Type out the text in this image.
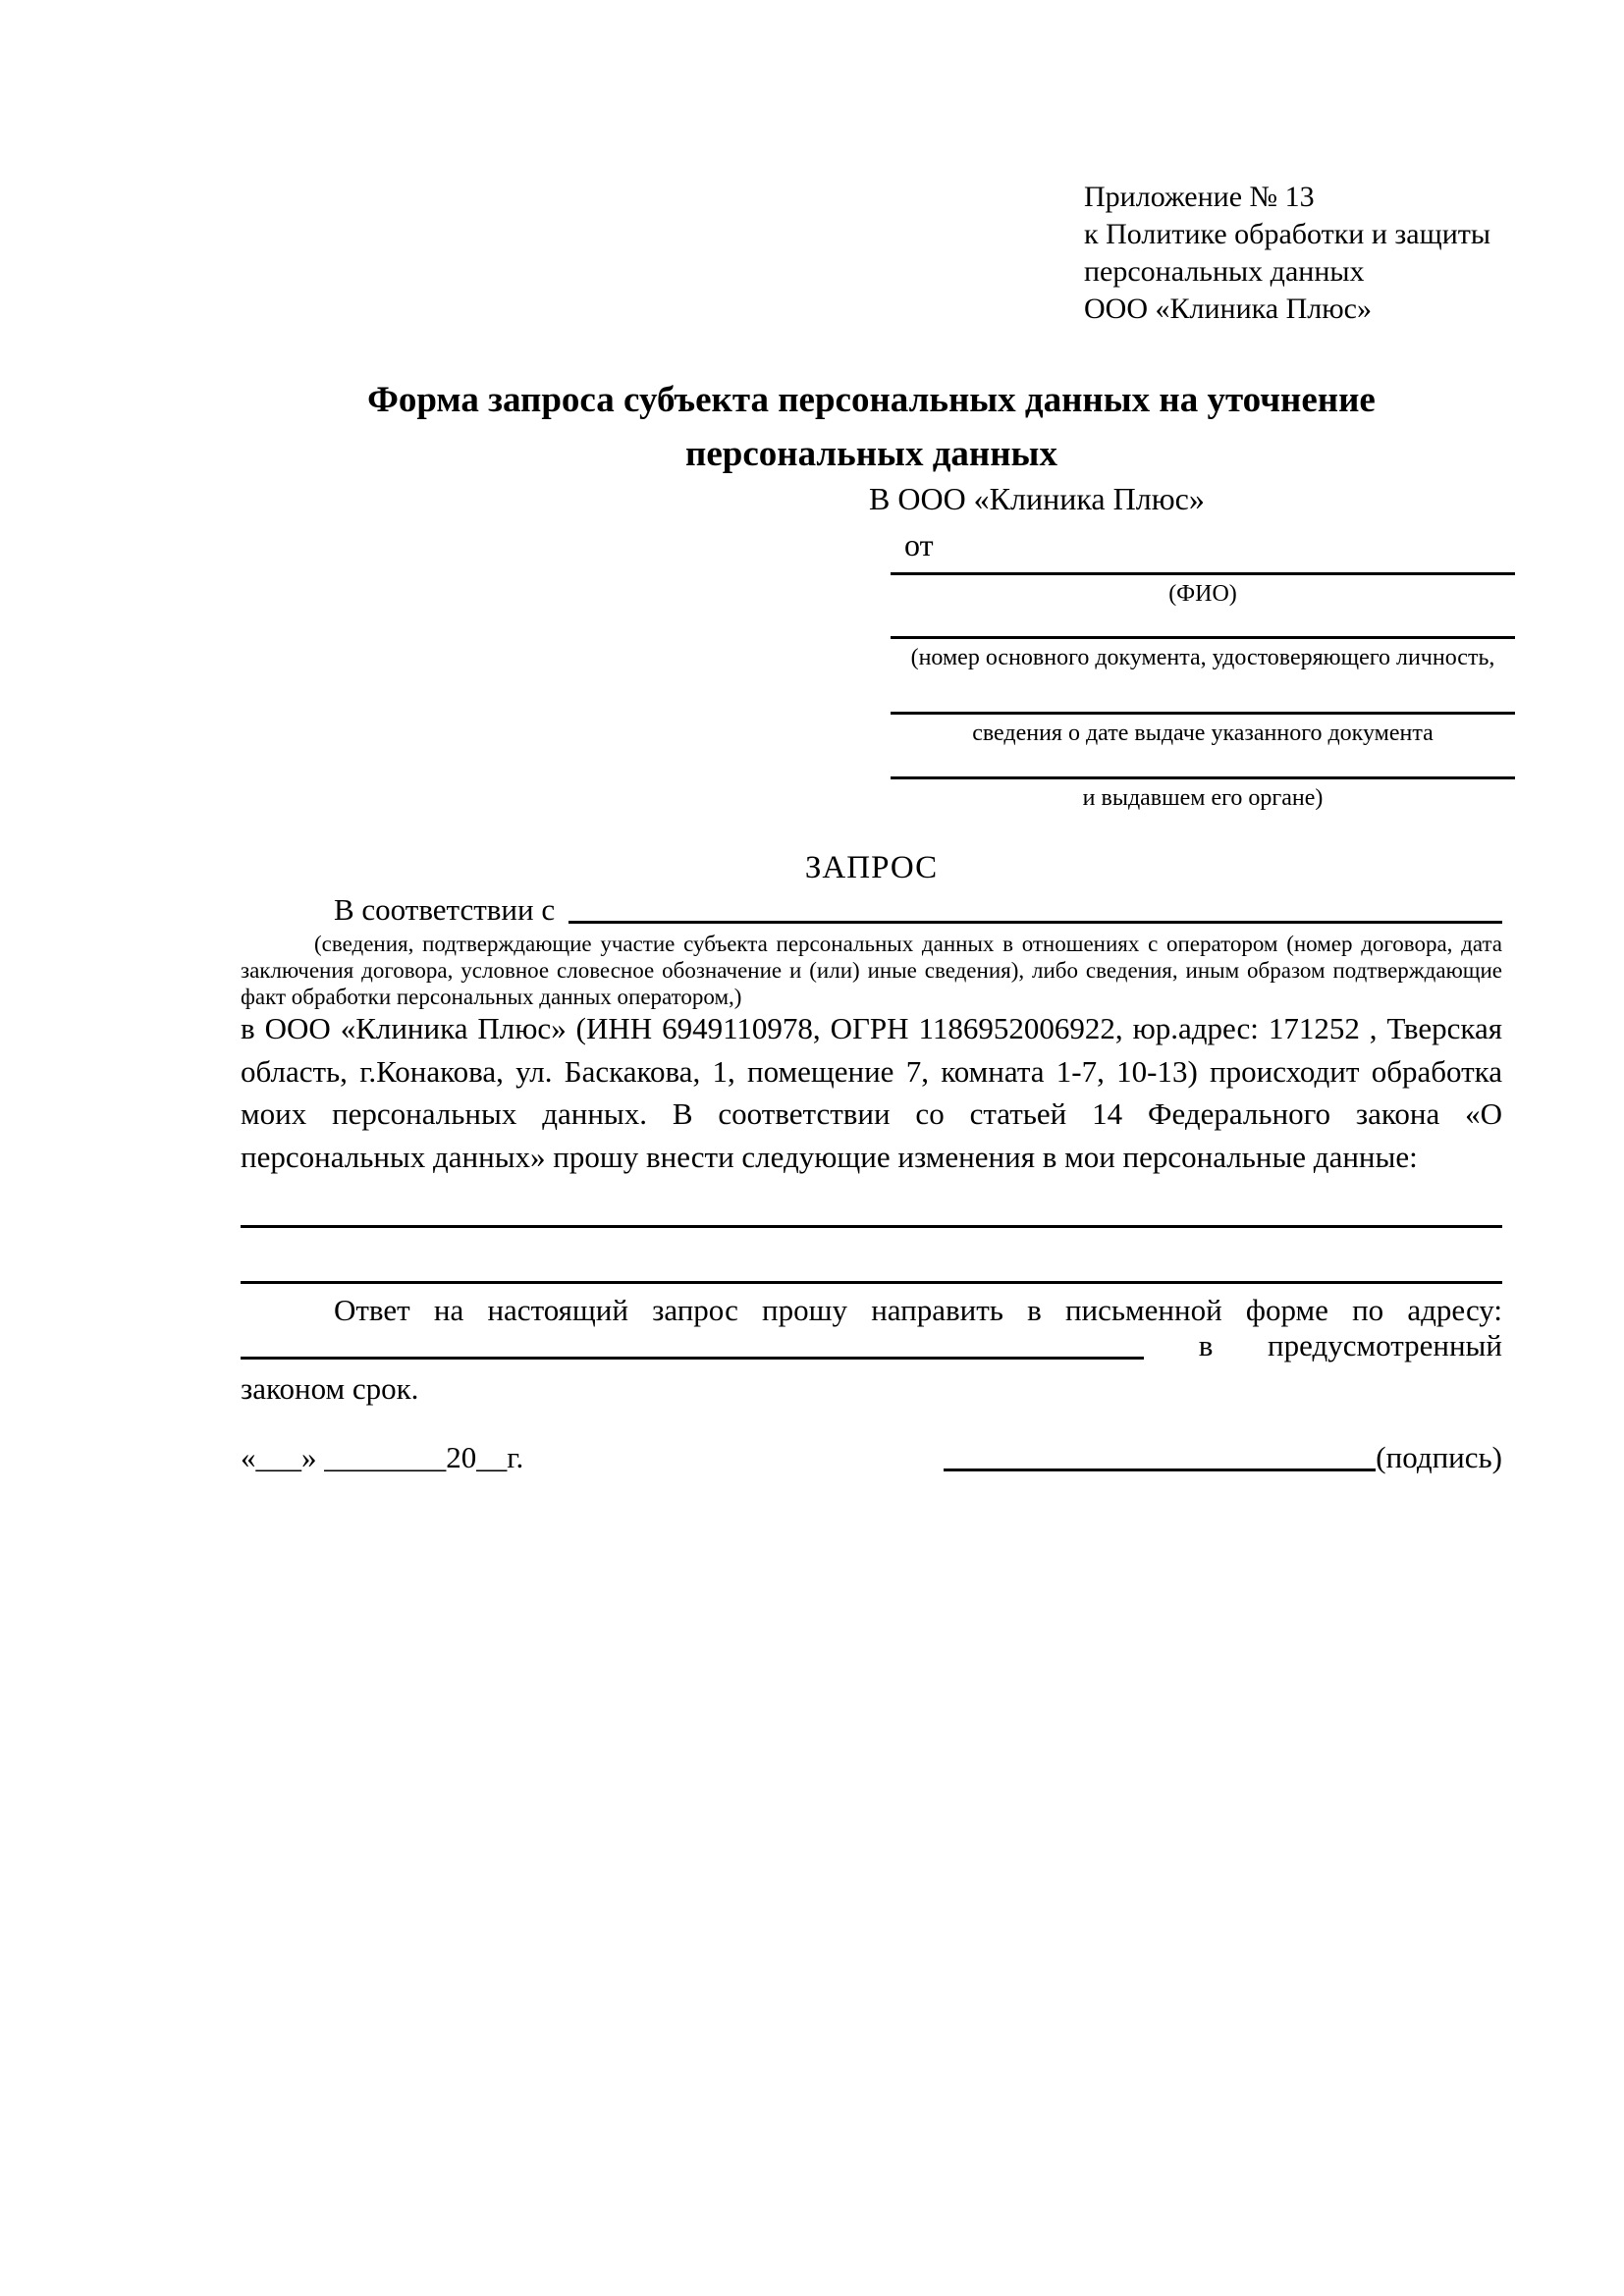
Приложение № 13
к Политике обработки и защиты
персональных данных
ООО «Клиника Плюс»
Форма запроса субъекта персональных данных на уточнение
персональных данных
В ООО «Клиника Плюс»
от
(ФИО)
(номер основного документа, удостоверяющего личность,
сведения о дате выдаче указанного документа
и выдавшем его органе)
ЗАПРОС
В соответствии с
(сведения, подтверждающие участие субъекта персональных данных в отношениях с оператором (номер договора, дата заключения договора, условное словесное обозначение и (или) иные сведения), либо сведения, иным образом подтверждающие факт обработки персональных данных оператором,)
в ООО «Клиника Плюс» (ИНН 6949110978, ОГРН 1186952006922, юр.адрес: 171252 , Тверская область, г.Конакова, ул. Баскакова, 1, помещение 7, комната 1-7, 10-13) происходит обработка моих персональных данных. В соответствии со статьей 14 Федерального закона «О персональных данных» прошу внести следующие изменения в мои персональные данные:
Ответ на настоящий запрос прошу направить в письменной форме по адресу:
в предусмотренный
законом срок.
«___» ________20__г.	(подпись)
